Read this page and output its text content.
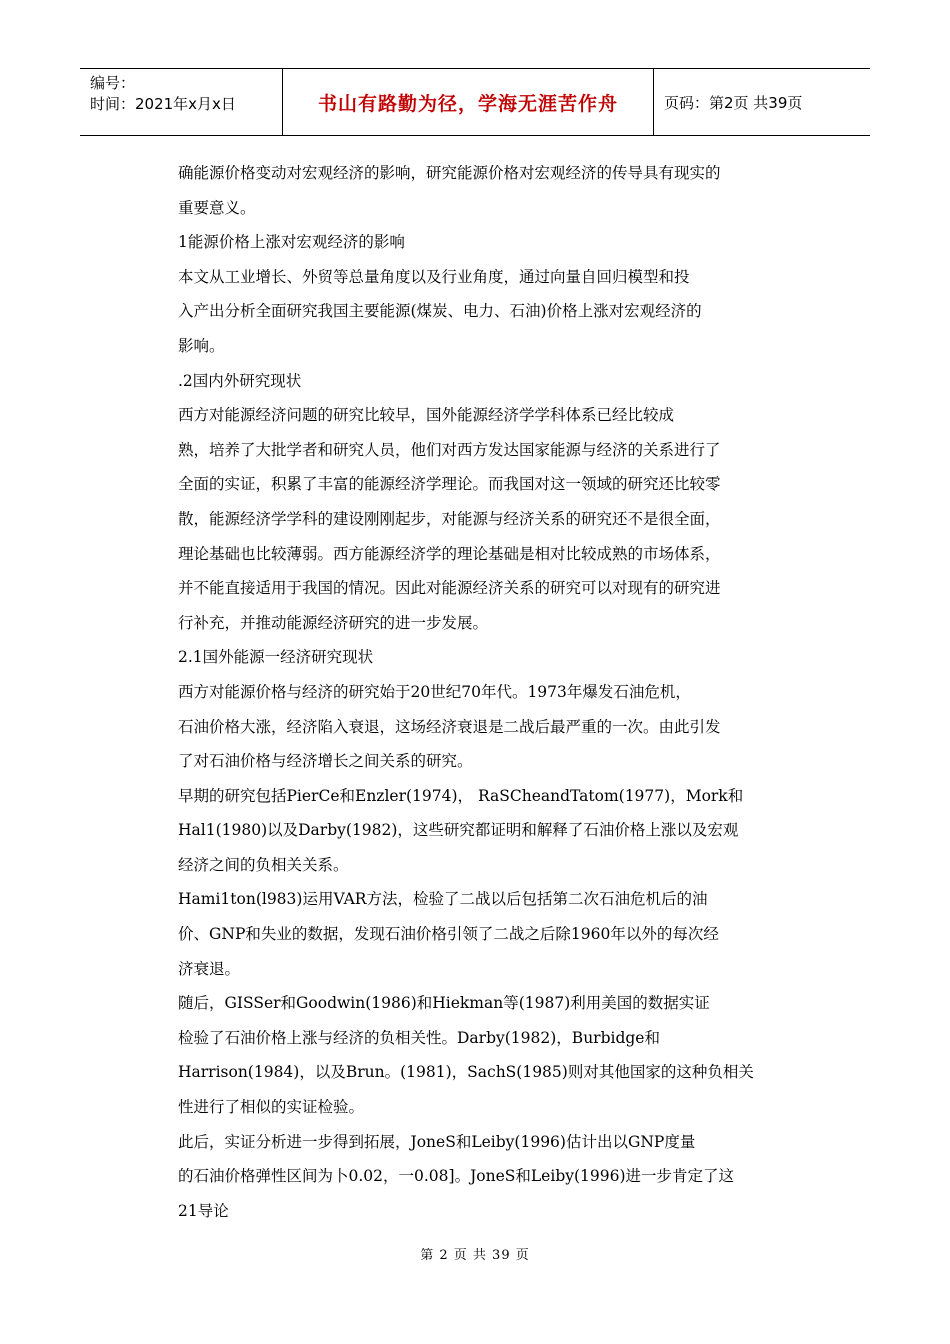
编号：
时间：2021年x月x日	书山有路勤为径，学海无涯苦作舟	页码：第2页 共39页
确能源价格变动对宏观经济的影响，研究能源价格对宏观经济的传导具有现实的
重要意义。
1能源价格上涨对宏观经济的影响
本文从工业增长、外贸等总量角度以及行业角度，通过向量自回归模型和投
入产出分析全面研究我国主要能源(煤炭、电力、石油)价格上涨对宏观经济的
影响。
.2国内外研究现状
西方对能源经济问题的研究比较早，国外能源经济学学科体系已经比较成
熟，培养了大批学者和研究人员，他们对西方发达国家能源与经济的关系进行了
全面的实证，积累了丰富的能源经济学理论。而我国对这一领域的研究还比较零
散，能源经济学学科的建设刚刚起步，对能源与经济关系的研究还不是很全面，
理论基础也比较薄弱。西方能源经济学的理论基础是相对比较成熟的市场体系，
并不能直接适用于我国的情况。因此对能源经济关系的研究可以对现有的研究进
行补充，并推动能源经济研究的进一步发展。
2.1国外能源一经济研究现状
西方对能源价格与经济的研究始于20世纪70年代。1973年爆发石油危机，
石油价格大涨，经济陷入衰退，这场经济衰退是二战后最严重的一次。由此引发
了对石油价格与经济增长之间关系的研究。
早期的研究包括PierCe和Enzler(1974)， RaSCheandTatom(1977)，Mork和
Hal1(1980)以及Darby(1982)，这些研究都证明和解释了石油价格上涨以及宏观
经济之间的负相关关系。
Hami1ton(l983)运用VAR方法，检验了二战以后包括第二次石油危机后的油
价、GNP和失业的数据，发现石油价格引领了二战之后除1960年以外的每次经
济衰退。
随后，GISSer和Goodwin(1986)和Hiekman等(1987)利用美国的数据实证
检验了石油价格上涨与经济的负相关性。Darby(1982)，Burbidge和
Harrison(1984)，以及Brun。(1981)，SachS(1985)则对其他国家的这种负相关
性进行了相似的实证检验。
此后，实证分析进一步得到拓展，JoneS和Leiby(1996)估计出以GNP度量
的石油价格弹性区间为卜0.02，一0.08]。JoneS和Leiby(1996)进一步肯定了这
21导论
第 2 页 共 39 页
